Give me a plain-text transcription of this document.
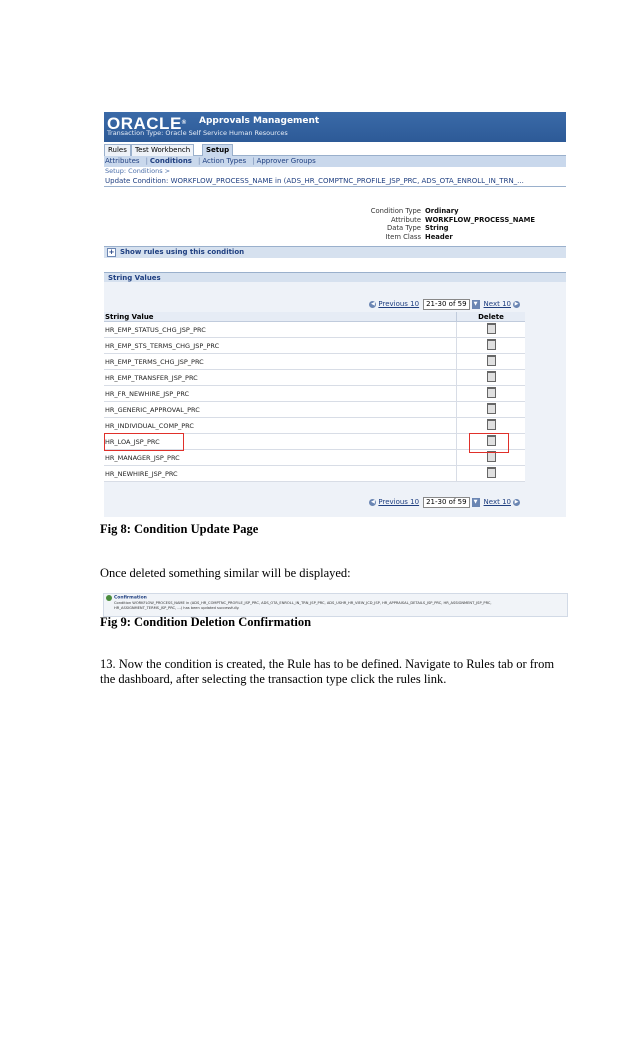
ORACLE® Approvals Management
Transaction Type: Oracle Self Service Human Resources
Rules	Test Workbench	Setup
Attributes | Conditions | Action Types | Approver Groups
Setup: Conditions >
Update Condition: WORKFLOW_PROCESS_NAME in (ADS_HR_COMPTNC_PROFILE_JSP_PRC, ADS_OTA_ENROLL_IN_TRN_...
Condition Type Ordinary
Attribute WORKFLOW_PROCESS_NAME
Data Type String
Item Class Header
+ Show rules using this condition
String Values
◀ Previous 10	21-30 of 59	▼ Next 10 ▶
String Value	Delete
HR_EMP_STATUS_CHG_JSP_PRC	
HR_EMP_STS_TERMS_CHG_JSP_PRC	
HR_EMP_TERMS_CHG_JSP_PRC	
HR_EMP_TRANSFER_JSP_PRC	
HR_FR_NEWHIRE_JSP_PRC	
HR_GENERIC_APPROVAL_PRC	
HR_INDIVIDUAL_COMP_PRC	
HR_LOA_JSP_PRC	
HR_MANAGER_JSP_PRC	
HR_NEWHIRE_JSP_PRC	
◀ Previous 10	21-30 of 59	▼ Next 10 ▶
Fig 8: Condition Update Page
Once deleted something similar will be displayed:
Confirmation
Condition WORKFLOW_PROCESS_NAME in (ADS_HR_COMPTNC_PROFILE_JSP_PRC, ADS_OTA_ENROLL_IN_TRN_JSP_PRC, ADS_USHR_HR_VIEW_JCD_JSP, HR_APPRAISAL_DETAILS_JSP_PRC, HR_ASSIGNMENT_JSP_PRC,
HR_ASSIGNMENT_TERMS_JSP_PRC, ...) has been updated successfully.
Fig 9: Condition Deletion Confirmation
13. Now the condition is created, the Rule has to be defined. Navigate to Rules tab or from the dashboard, after selecting the transaction type click the rules link.
